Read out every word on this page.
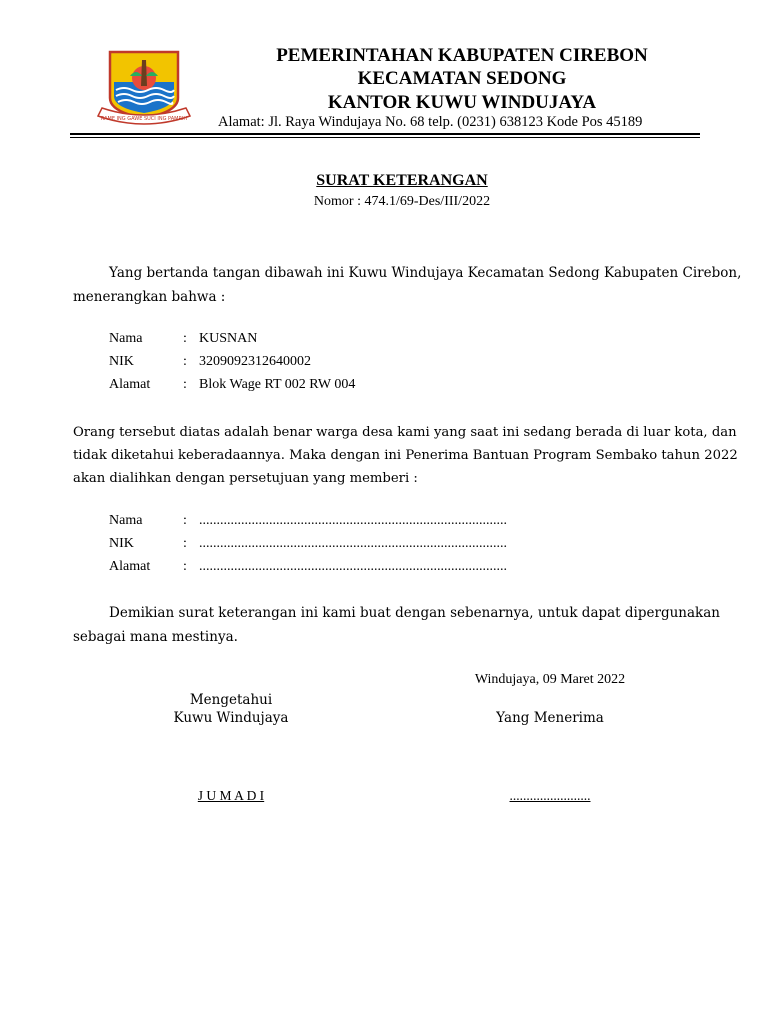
RAME ING GAWE SUCI ING PAMRIH
PEMERINTAHAN KABUPATEN CIREBON
KECAMATAN SEDONG
KANTOR KUWU WINDUJAYA
Alamat: Jl. Raya Windujaya No. 68 telp. (0231) 638123 Kode Pos 45189
SURAT KETERANGAN
Nomor : 474.1/69-Des/III/2022
Yang bertanda tangan dibawah ini Kuwu Windujaya Kecamatan Sedong Kabupaten Cirebon,
menerangkan bahwa :
Nama	: KUSNAN
NIK	: 3209092312640002
Alamat : Blok Wage RT 002 RW 004
Orang tersebut diatas adalah benar warga desa kami yang saat ini sedang berada di luar kota, dan
tidak diketahui keberadaannya. Maka dengan ini Penerima Bantuan Program Sembako tahun 2022
akan dialihkan dengan persetujuan yang memberi :
Nama	: ........................................................................................
NIK	: ........................................................................................
Alamat : ........................................................................................
Demikian surat keterangan ini kami buat dengan sebenarnya, untuk dapat dipergunakan
sebagai mana mestinya.
Windujaya, 09 Maret 2022
Mengetahui
Kuwu Windujaya	Yang Menerima
J U M A D I	........................
